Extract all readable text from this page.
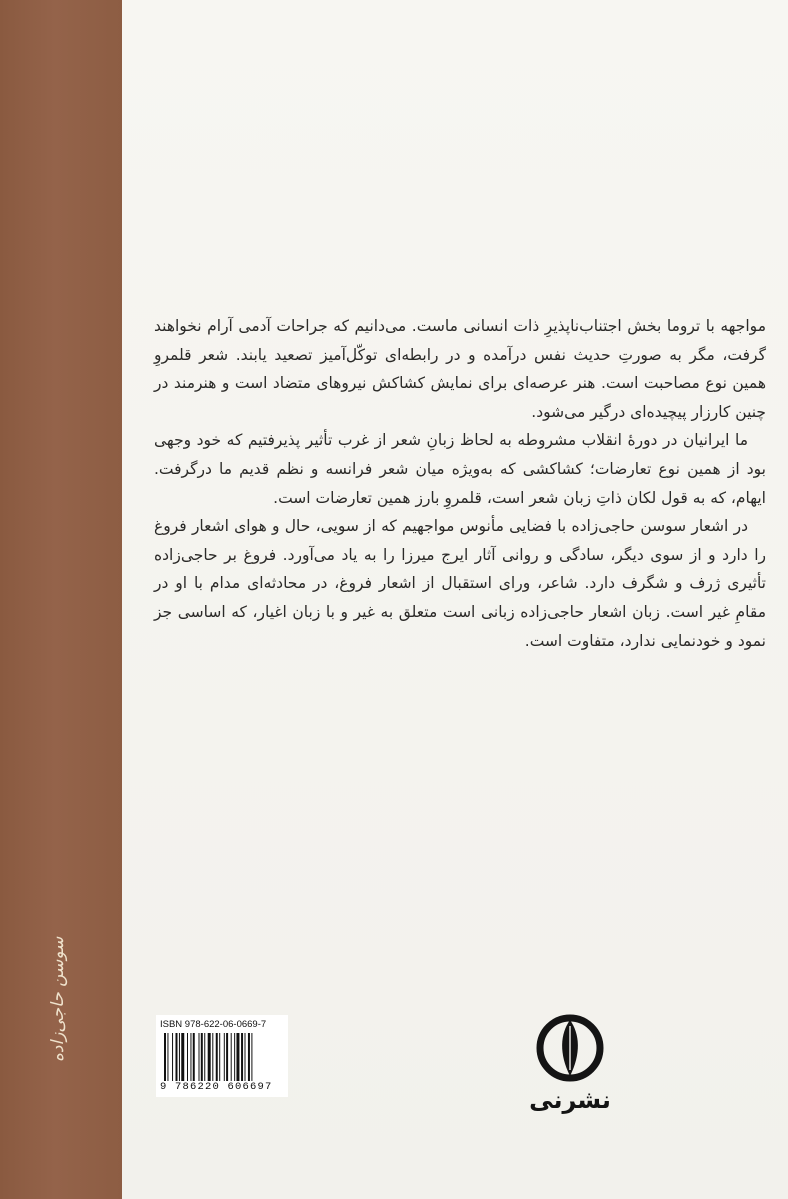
سوسن حاجی‌زاده

مواجهه با تروما بخش اجتناب‌ناپذیرِ ذات انسانی ماست. می‌دانیم که جراحات آدمی آرام نخواهند گرفت، مگر به صورتِ حدیث نفس درآمده و در رابطه‌ای توکّل‌آمیز تصعید یابند. شعر قلمروِ همین نوع مصاحبت است. هنر عرصه‌ای برای نمایش کشاکش نیروهای متضاد است و هنرمند در چنین کارزار پیچیده‌ای درگیر می‌شود.

ما ایرانیان در دورهٔ انقلاب مشروطه به لحاظ زبانِ شعر از غرب تأثیر پذیرفتیم که خود وجهی بود از همین نوع تعارضات؛ کشاکشی که به‌ویژه میان شعر فرانسه و نظم قدیم ما درگرفت. ایهام، که به قول لکان ذاتِ زبان شعر است، قلمروِ بارز همین تعارضات است.

در اشعار سوسن حاجی‌زاده با فضایی مأنوس مواجهیم که از سویی، حال و هوای اشعار فروغ را دارد و از سوی دیگر، سادگی و روانی آثار ایرج میرزا را به یاد می‌آورد. فروغ بر حاجی‌زاده تأثیری ژرف و شگرف دارد. شاعر، ورای استقبال از اشعار فروغ، در محادثه‌ای مدام با او در مقامِ غیر است. زبان اشعار حاجی‌زاده زبانی است متعلق به غیر و با زبان اغیار، که اساسی جز نمود و خودنمایی ندارد، متفاوت است.

ISBN 978-622-06-0669-7
9 786220 606697	نشرنی
